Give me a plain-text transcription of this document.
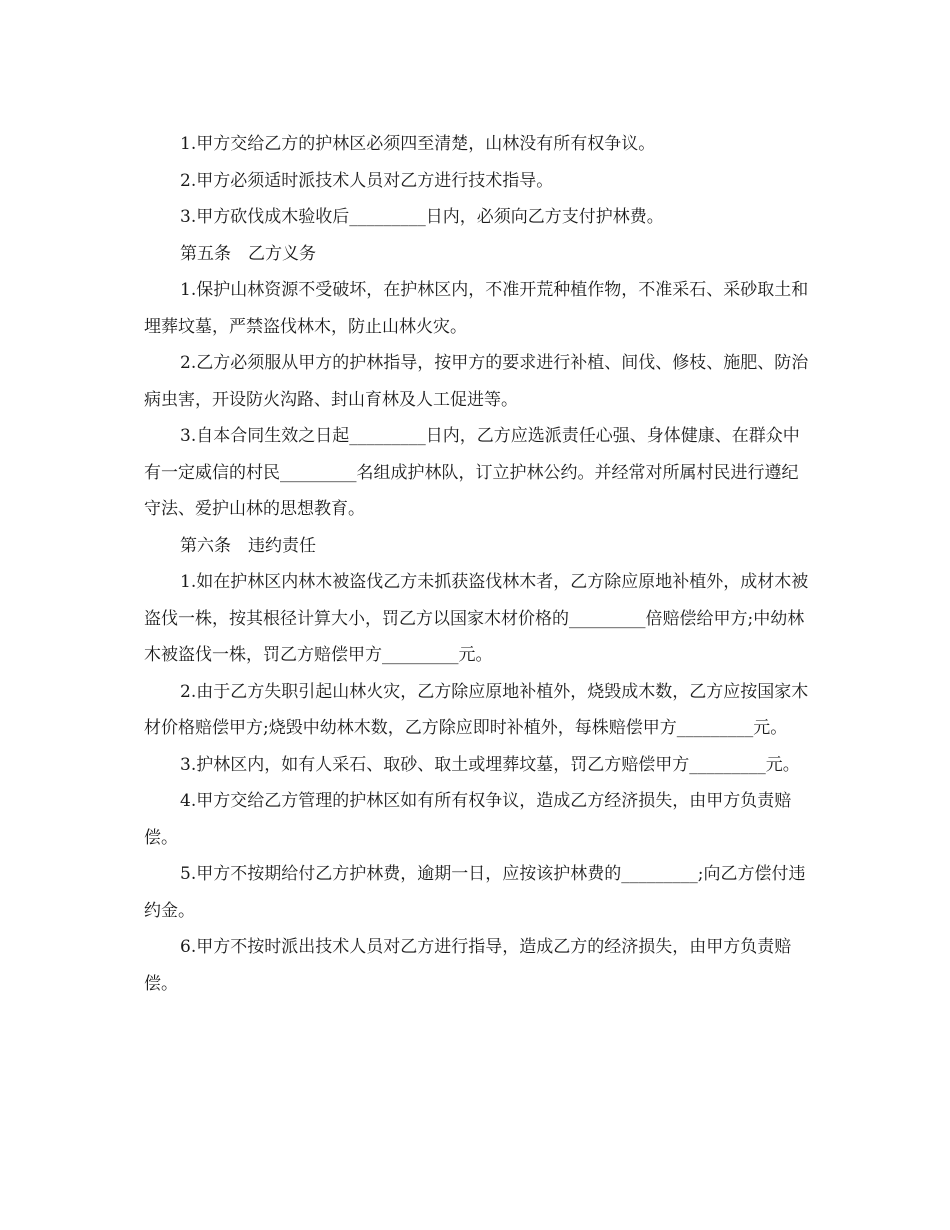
1.甲方交给乙方的护林区必须四至清楚，山林没有所有权争议。

2.甲方必须适时派技术人员对乙方进行技术指导。

3.甲方砍伐成木验收后_________日内，必须向乙方支付护林费。

第五条　乙方义务

1.保护山林资源不受破坏，在护林区内，不准开荒种植作物，不准采石、采砂取土和埋葬坟墓，严禁盗伐林木，防止山林火灾。

2.乙方必须服从甲方的护林指导，按甲方的要求进行补植、间伐、修枝、施肥、防治病虫害，开设防火沟路、封山育林及人工促进等。

3.自本合同生效之日起_________日内，乙方应选派责任心强、身体健康、在群众中有一定威信的村民_________名组成护林队，订立护林公约。并经常对所属村民进行遵纪守法、爱护山林的思想教育。

第六条　违约责任

1.如在护林区内林木被盗伐乙方未抓获盗伐林木者，乙方除应原地补植外，成材木被盗伐一株，按其根径计算大小，罚乙方以国家木材价格的_________倍赔偿给甲方;中幼林木被盗伐一株，罚乙方赔偿甲方_________元。

2.由于乙方失职引起山林火灾，乙方除应原地补植外，烧毁成木数，乙方应按国家木材价格赔偿甲方;烧毁中幼林木数，乙方除应即时补植外，每株赔偿甲方_________元。

3.护林区内，如有人采石、取砂、取土或埋葬坟墓，罚乙方赔偿甲方_________元。

4.甲方交给乙方管理的护林区如有所有权争议，造成乙方经济损失，由甲方负责赔偿。

5.甲方不按期给付乙方护林费，逾期一日，应按该护林费的_________;向乙方偿付违约金。

6.甲方不按时派出技术人员对乙方进行指导，造成乙方的经济损失，由甲方负责赔偿。
